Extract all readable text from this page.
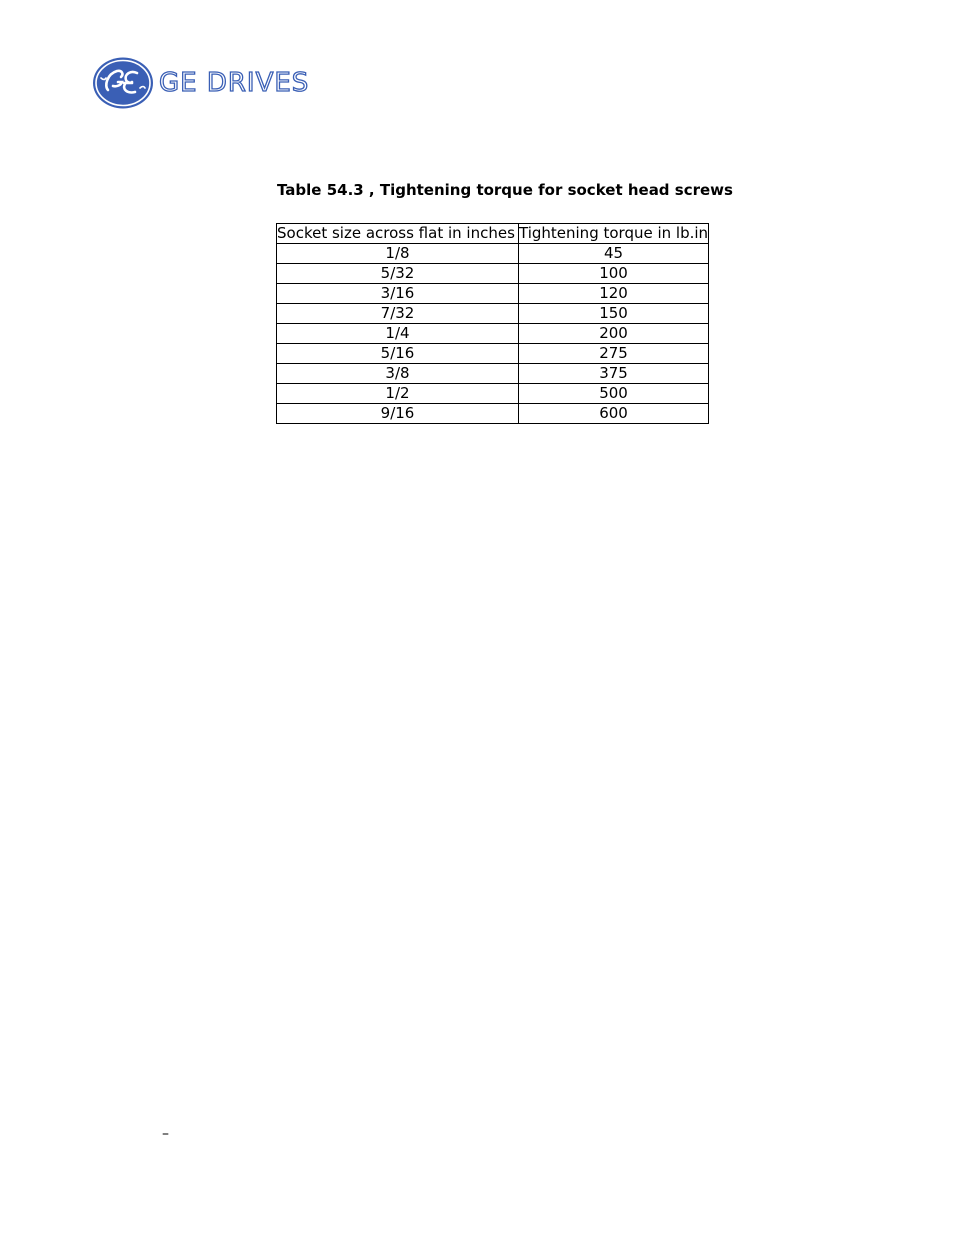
GE DRIVES
Table 54.3 , Tightening torque for socket head screws
Socket size across flat in inches	Tightening torque in lb.in
1/8	45
5/32	100
3/16	120
7/32	150
1/4	200
5/16	275
3/8	375
1/2	500
9/16	600
–
